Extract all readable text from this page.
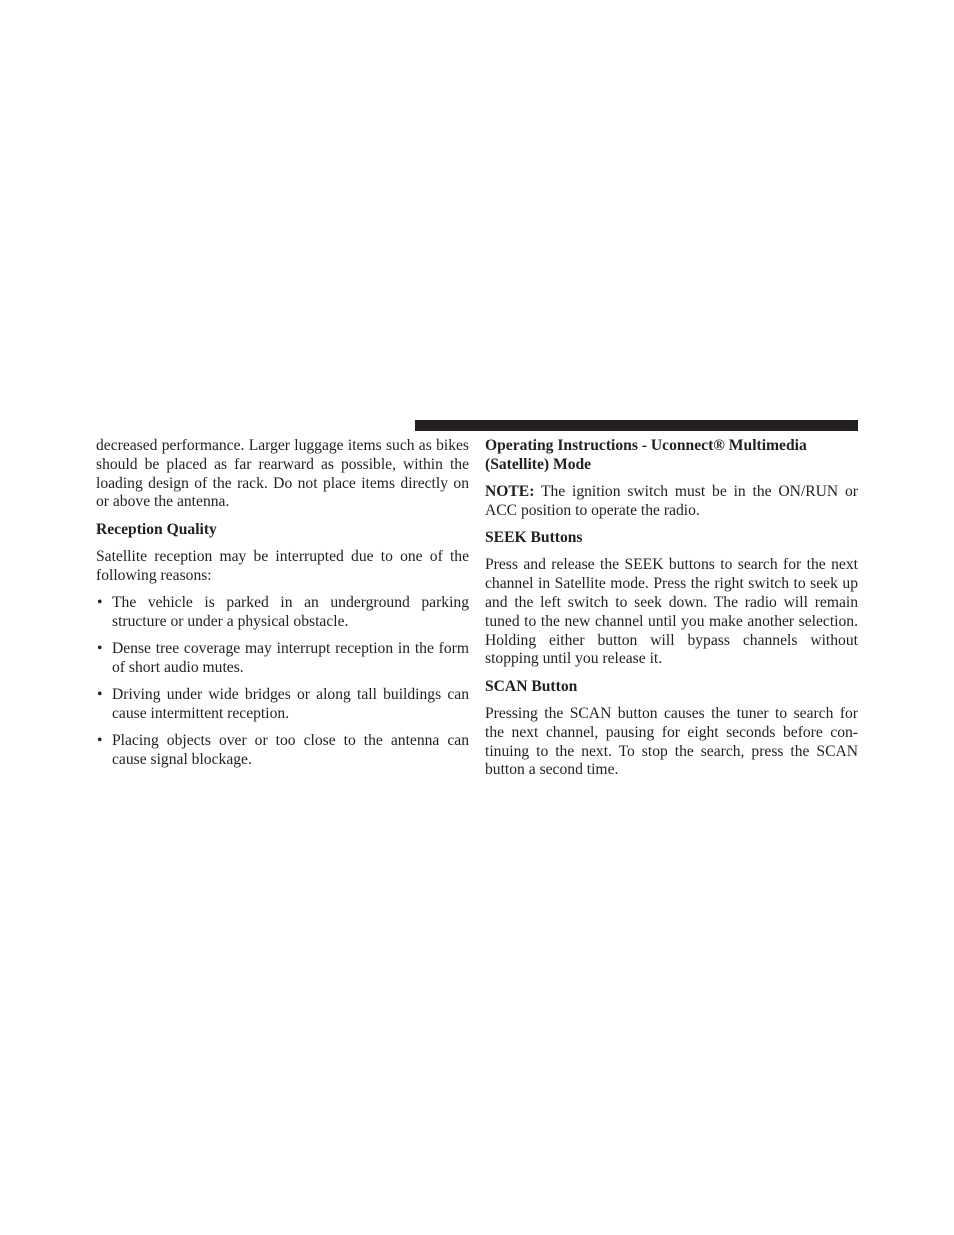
decreased performance. Larger luggage items such as bikes should be placed as far rearward as possible, within the loading design of the rack. Do not place items directly on or above the antenna.

Reception Quality

Satellite reception may be interrupted due to one of the following reasons:

• The vehicle is parked in an underground parking structure or under a physical obstacle.
• Dense tree coverage may interrupt reception in the form of short audio mutes.
• Driving under wide bridges or along tall buildings can cause intermittent reception.
• Placing objects over or too close to the antenna can cause signal blockage.
Operating Instructions - Uconnect® Multimedia (Satellite) Mode

NOTE: The ignition switch must be in the ON/RUN or ACC position to operate the radio.

SEEK Buttons

Press and release the SEEK buttons to search for the next channel in Satellite mode. Press the right switch to seek up and the left switch to seek down. The radio will remain tuned to the new channel until you make another selection. Holding either button will bypass channels without stopping until you release it.

SCAN Button

Pressing the SCAN button causes the tuner to search for the next channel, pausing for eight seconds before con- tinuing to the next. To stop the search, press the SCAN button a second time.
